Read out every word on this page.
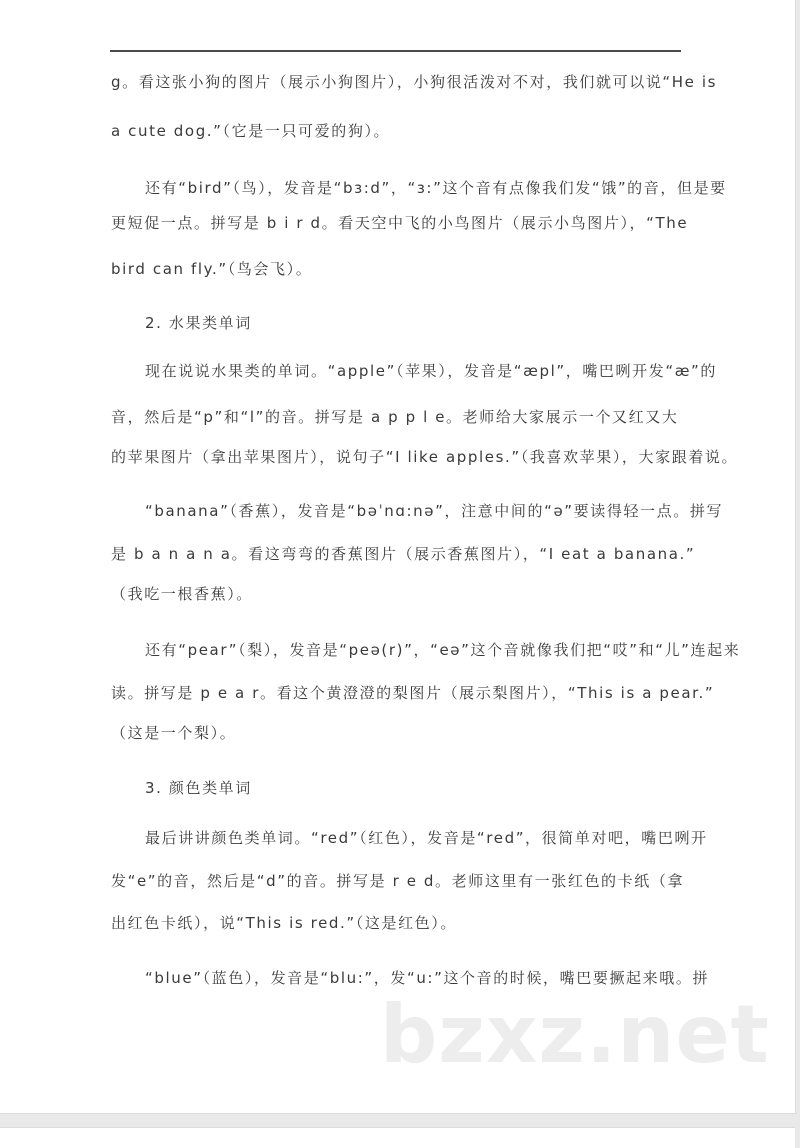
g。看这张小狗的图片（展示小狗图片），小狗很活泼对不对，我们就可以说“He is
a cute dog.”（它是一只可爱的狗）。
还有“bird”（鸟），发音是“bɜ:d”，“ɜ:”这个音有点像我们发“饿”的音，但是要
更短促一点。拼写是 b i r d。看天空中飞的小鸟图片（展示小鸟图片），“The
bird can fly.”（鸟会飞）。
2. 水果类单词
现在说说水果类的单词。“apple”（苹果），发音是“æpl”，嘴巴咧开发“æ”的
音，然后是“p”和“l”的音。拼写是 a p p l e。老师给大家展示一个又红又大
的苹果图片（拿出苹果图片），说句子“I like apples.”（我喜欢苹果），大家跟着说。
“banana”（香蕉），发音是“bəˈnɑ:nə”，注意中间的“ə”要读得轻一点。拼写
是 b a n a n a。看这弯弯的香蕉图片（展示香蕉图片），“I eat a banana.”
（我吃一根香蕉）。
还有“pear”（梨），发音是“peə(r)”，“eə”这个音就像我们把“哎”和“儿”连起来
读。拼写是 p e a r。看这个黄澄澄的梨图片（展示梨图片），“This is a pear.”
（这是一个梨）。
3. 颜色类单词
最后讲讲颜色类单词。“red”（红色），发音是“red”，很简单对吧，嘴巴咧开
发“e”的音，然后是“d”的音。拼写是 r e d。老师这里有一张红色的卡纸（拿
出红色卡纸），说“This is red.”（这是红色）。
“blue”（蓝色），发音是“blu:”，发“u:”这个音的时候，嘴巴要撅起来哦。拼
bzxz.net
